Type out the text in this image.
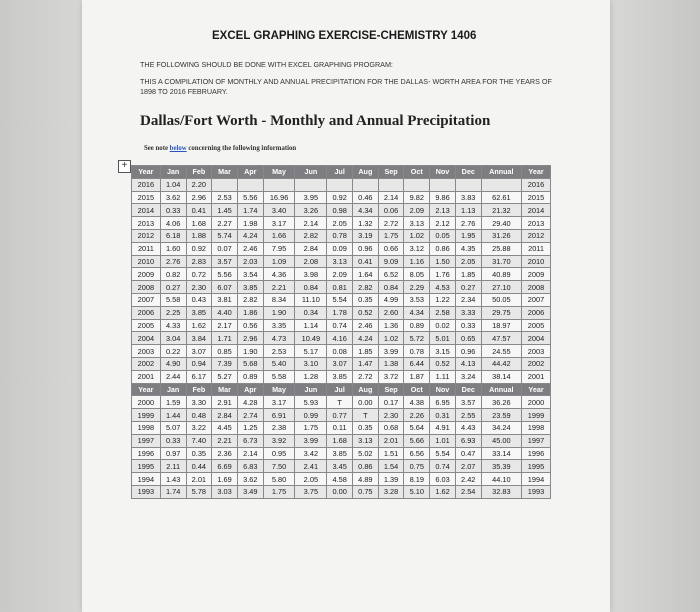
EXCEL GRAPHING EXERCISE-CHEMISTRY 1406
THE FOLLOWING SHOULD BE DONE WITH EXCEL GRAPHING PROGRAM:
THIS A COMPILATION OF MONTHLY AND ANNUAL PRECIPITATION FOR THE DALLAS- WORTH AREA FOR THE YEARS OF 1898 TO 2016 FEBRUARY.
Dallas/Fort Worth - Monthly and Annual Precipitation
See note below concerning the following information
+
Year	Jan	Feb	Mar	Apr	May	Jun	Jul	Aug	Sep	Oct	Nov	Dec	Annual	Year
2016	1.04	2.20												2016
2015	3.62	2.96	2.53	5.56	16.96	3.95	0.92	0.46	2.14	9.82	9.86	3.83	62.61	2015
2014	0.33	0.41	1.45	1.74	3.40	3.26	0.98	4.34	0.06	2.09	2.13	1.13	21.32	2014
2013	4.06	1.68	2.27	1.98	3.17	2.14	2.05	1.32	2.72	3.13	2.12	2.76	29.40	2013
2012	6.18	1.88	5.74	4.24	1.66	2.82	0.78	3.19	1.75	1.02	0.05	1.95	31.26	2012
2011	1.60	0.92	0.07	2.46	7.95	2.84	0.09	0.96	0.66	3.12	0.86	4.35	25.88	2011
2010	2.76	2.83	3.57	2.03	1.09	2.08	3.13	0.41	9.09	1.16	1.50	2.05	31.70	2010
2009	0.82	0.72	5.56	3.54	4.36	3.98	2.09	1.64	6.52	8.05	1.76	1.85	40.89	2009
2008	0.27	2.30	6.07	3.85	2.21	0.84	0.81	2.82	0.84	2.29	4.53	0.27	27.10	2008
2007	5.58	0.43	3.81	2.82	8.34	11.10	5.54	0.35	4.99	3.53	1.22	2.34	50.05	2007
2006	2.25	3.85	4.40	1.86	1.90	0.34	1.78	0.52	2.60	4.34	2.58	3.33	29.75	2006
2005	4.33	1.62	2.17	0.56	3.35	1.14	0.74	2.46	1.36	0.89	0.02	0.33	18.97	2005
2004	3.04	3.84	1.71	2.96	4.73	10.49	4.16	4.24	1.02	5.72	5.01	0.65	47.57	2004
2003	0.22	3.07	0.85	1.90	2.53	5.17	0.08	1.85	3.99	0.78	3.15	0.96	24.55	2003
2002	4.90	0.94	7.39	5.68	5.40	3.10	3.07	1.47	1.38	6.44	0.52	4.13	44.42	2002
2001	2.44	6.17	5.27	0.89	5.58	1.28	3.85	2.72	3.72	1.87	1.11	3.24	38.14	2001
Year	Jan	Feb	Mar	Apr	May	Jun	Jul	Aug	Sep	Oct	Nov	Dec	Annual	Year
2000	1.59	3.30	2.91	4.28	3.17	5.93	T	0.00	0.17	4.38	6.95	3.57	36.26	2000
1999	1.44	0.48	2.84	2.74	6.91	0.99	0.77	T	2.30	2.26	0.31	2.55	23.59	1999
1998	5.07	3.22	4.45	1.25	2.38	1.75	0.11	0.35	0.68	5.64	4.91	4.43	34.24	1998
1997	0.33	7.40	2.21	6.73	3.92	3.99	1.68	3.13	2.01	5.66	1.01	6.93	45.00	1997
1996	0.97	0.35	2.36	2.14	0.95	3.42	3.85	5.02	1.51	6.56	5.54	0.47	33.14	1996
1995	2.11	0.44	6.69	6.83	7.50	2.41	3.45	0.86	1.54	0.75	0.74	2.07	35.39	1995
1994	1.43	2.01	1.69	3.62	5.80	2.05	4.58	4.89	1.39	8.19	6.03	2.42	44.10	1994
1993	1.74	5.78	3.03	3.49	1.75	3.75	0.00	0.75	3.28	5.10	1.62	2.54	32.83	1993
